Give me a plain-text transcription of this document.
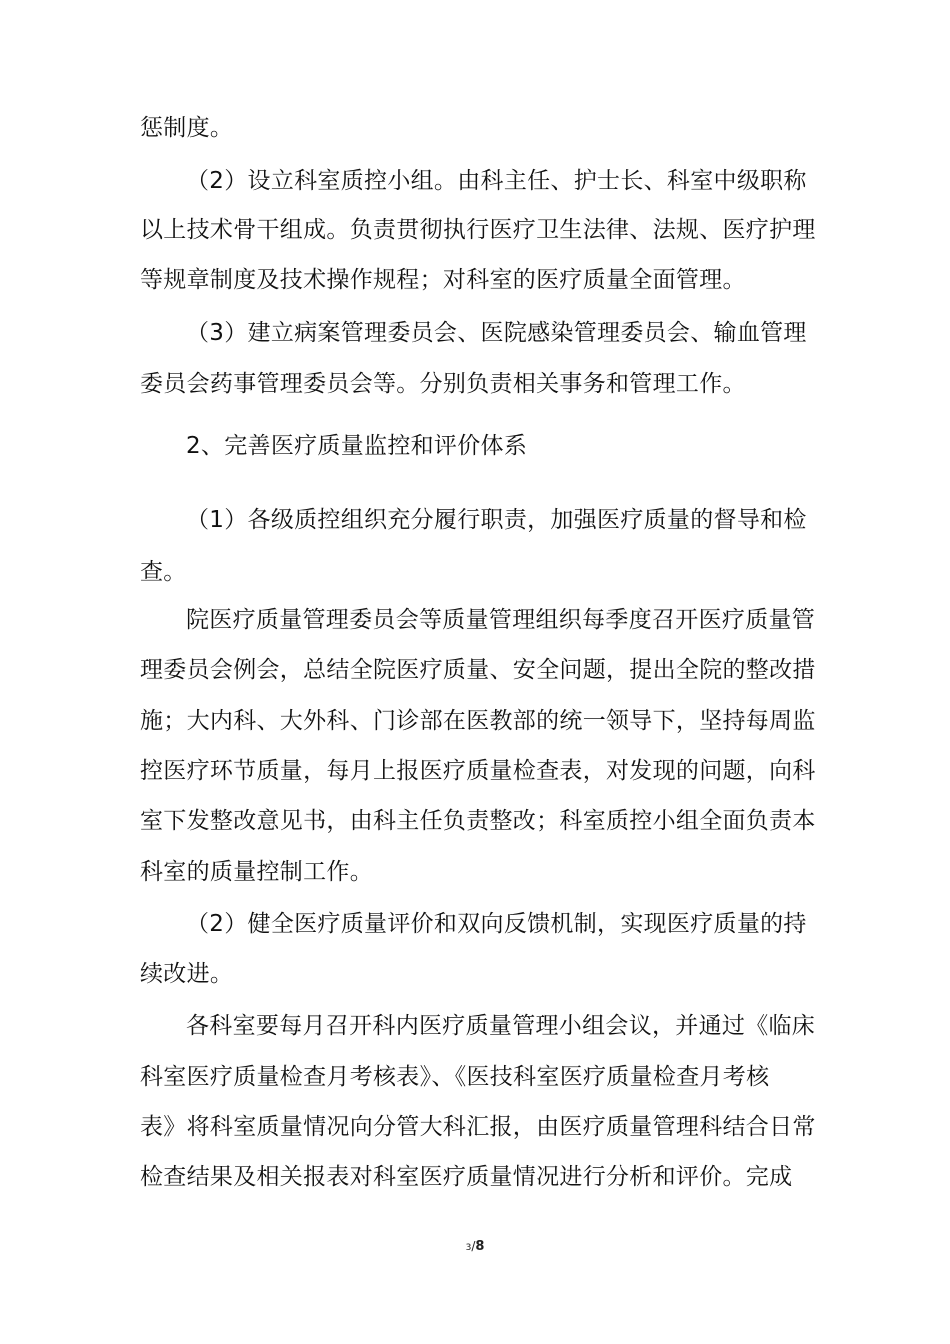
惩制度。
（2）设立科室质控小组。由科主任、护士长、科室中级职称
以上技术骨干组成。负责贯彻执行医疗卫生法律、法规、医疗护理
等规章制度及技术操作规程；对科室的医疗质量全面管理。
（3）建立病案管理委员会、医院感染管理委员会、输血管理
委员会药事管理委员会等。分别负责相关事务和管理工作。
2、完善医疗质量监控和评价体系
（1）各级质控组织充分履行职责，加强医疗质量的督导和检
查。
院医疗质量管理委员会等质量管理组织每季度召开医疗质量管
理委员会例会，总结全院医疗质量、安全问题，提出全院的整改措
施；大内科、大外科、门诊部在医教部的统一领导下，坚持每周监
控医疗环节质量，每月上报医疗质量检查表，对发现的问题，向科
室下发整改意见书，由科主任负责整改；科室质控小组全面负责本
科室的质量控制工作。
（2）健全医疗质量评价和双向反馈机制，实现医疗质量的持
续改进。
各科室要每月召开科内医疗质量管理小组会议，并通过《临床
科室医疗质量检查月考核表》、《医技科室医疗质量检查月考核
表》将科室质量情况向分管大科汇报，由医疗质量管理科结合日常
检查结果及相关报表对科室医疗质量情况进行分析和评价。完成
3/8
